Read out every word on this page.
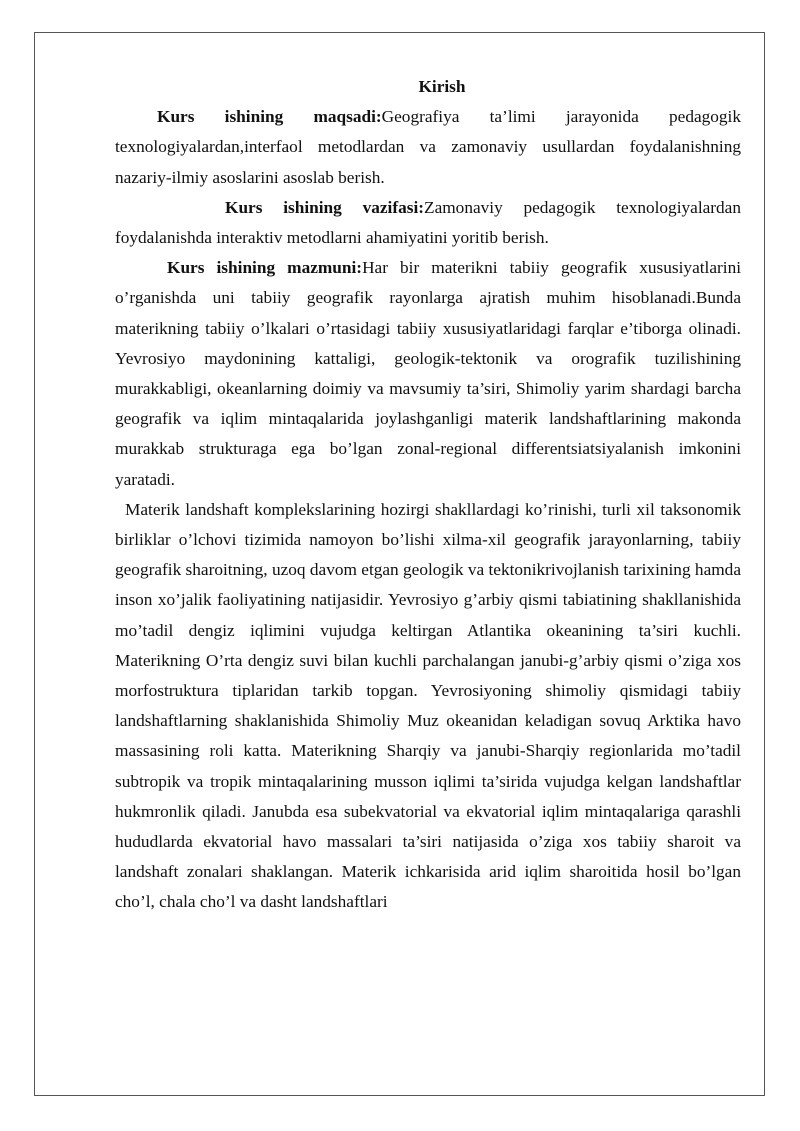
Kirish

Kurs ishining maqsadi:Geografiya ta’limi jarayonida pedagogik texnologiyalardan,interfaol metodlardan va zamonaviy usullardan foydalanishning nazariy-ilmiy asoslarini asoslab berish.

Kurs ishining vazifasi:Zamonaviy pedagogik texnologiyalardan foydalanishda interaktiv metodlarni ahamiyatini yoritib berish.

Kurs ishining mazmuni:Har bir materikni tabiiy geografik xususiyatlarini o’rganishda uni tabiiy geografik rayonlarga ajratish muhim hisoblanadi.Bunda materikning tabiiy o’lkalari o’rtasidagi tabiiy xususiyatlaridagi farqlar e’tiborga olinadi. Yevrosiyo maydonining kattaligi, geologik-tektonik va orografik tuzilishining murakkabligi, okeanlarning doimiy va mavsumiy ta’siri, Shimoliy yarim shardagi barcha geografik va iqlim mintaqalarida joylashganligi materik landshaftlarining makonda murakkab strukturaga ega bo’lgan zonal-regional differentsiatsiyalanish imkonini yaratadi.

Materik landshaft komplekslarining hozirgi shakllardagi ko’rinishi, turli xil taksonomik birliklar o’lchovi tizimida namoyon bo’lishi xilma-xil geografik jarayonlarning, tabiiy geografik sharoitning, uzoq davom etgan geologik va tektonikrivojlanish tarixining hamda inson xo’jalik faoliyatining natijasidir. Yevrosiyo g’arbiy qismi tabiatining shakllanishida mo’tadil dengiz iqlimini vujudga keltirgan Atlantika okeanining ta’siri kuchli. Materikning O’rta dengiz suvi bilan kuchli parchalangan janubi-g’arbiy qismi o’ziga xos morfostruktura tiplaridan tarkib topgan. Yevrosiyoning shimoliy qismidagi tabiiy landshaftlarning shaklanishida Shimoliy Muz okeanidan keladigan sovuq Arktika havo massasining roli katta. Materikning Sharqiy va janubi-Sharqiy regionlarida mo’tadil subtropik va tropik mintaqalarining musson iqlimi ta’sirida vujudga kelgan landshaftlar hukmronlik qiladi. Janubda esa subekvatorial va ekvatorial iqlim mintaqalariga qarashli hududlarda ekvatorial havo massalari ta’siri natijasida o’ziga xos tabiiy sharoit va landshaft zonalari shaklangan. Materik ichkarisida arid iqlim sharoitida hosil bo’lgan cho’l, chala cho’l va dasht landshaftlari
